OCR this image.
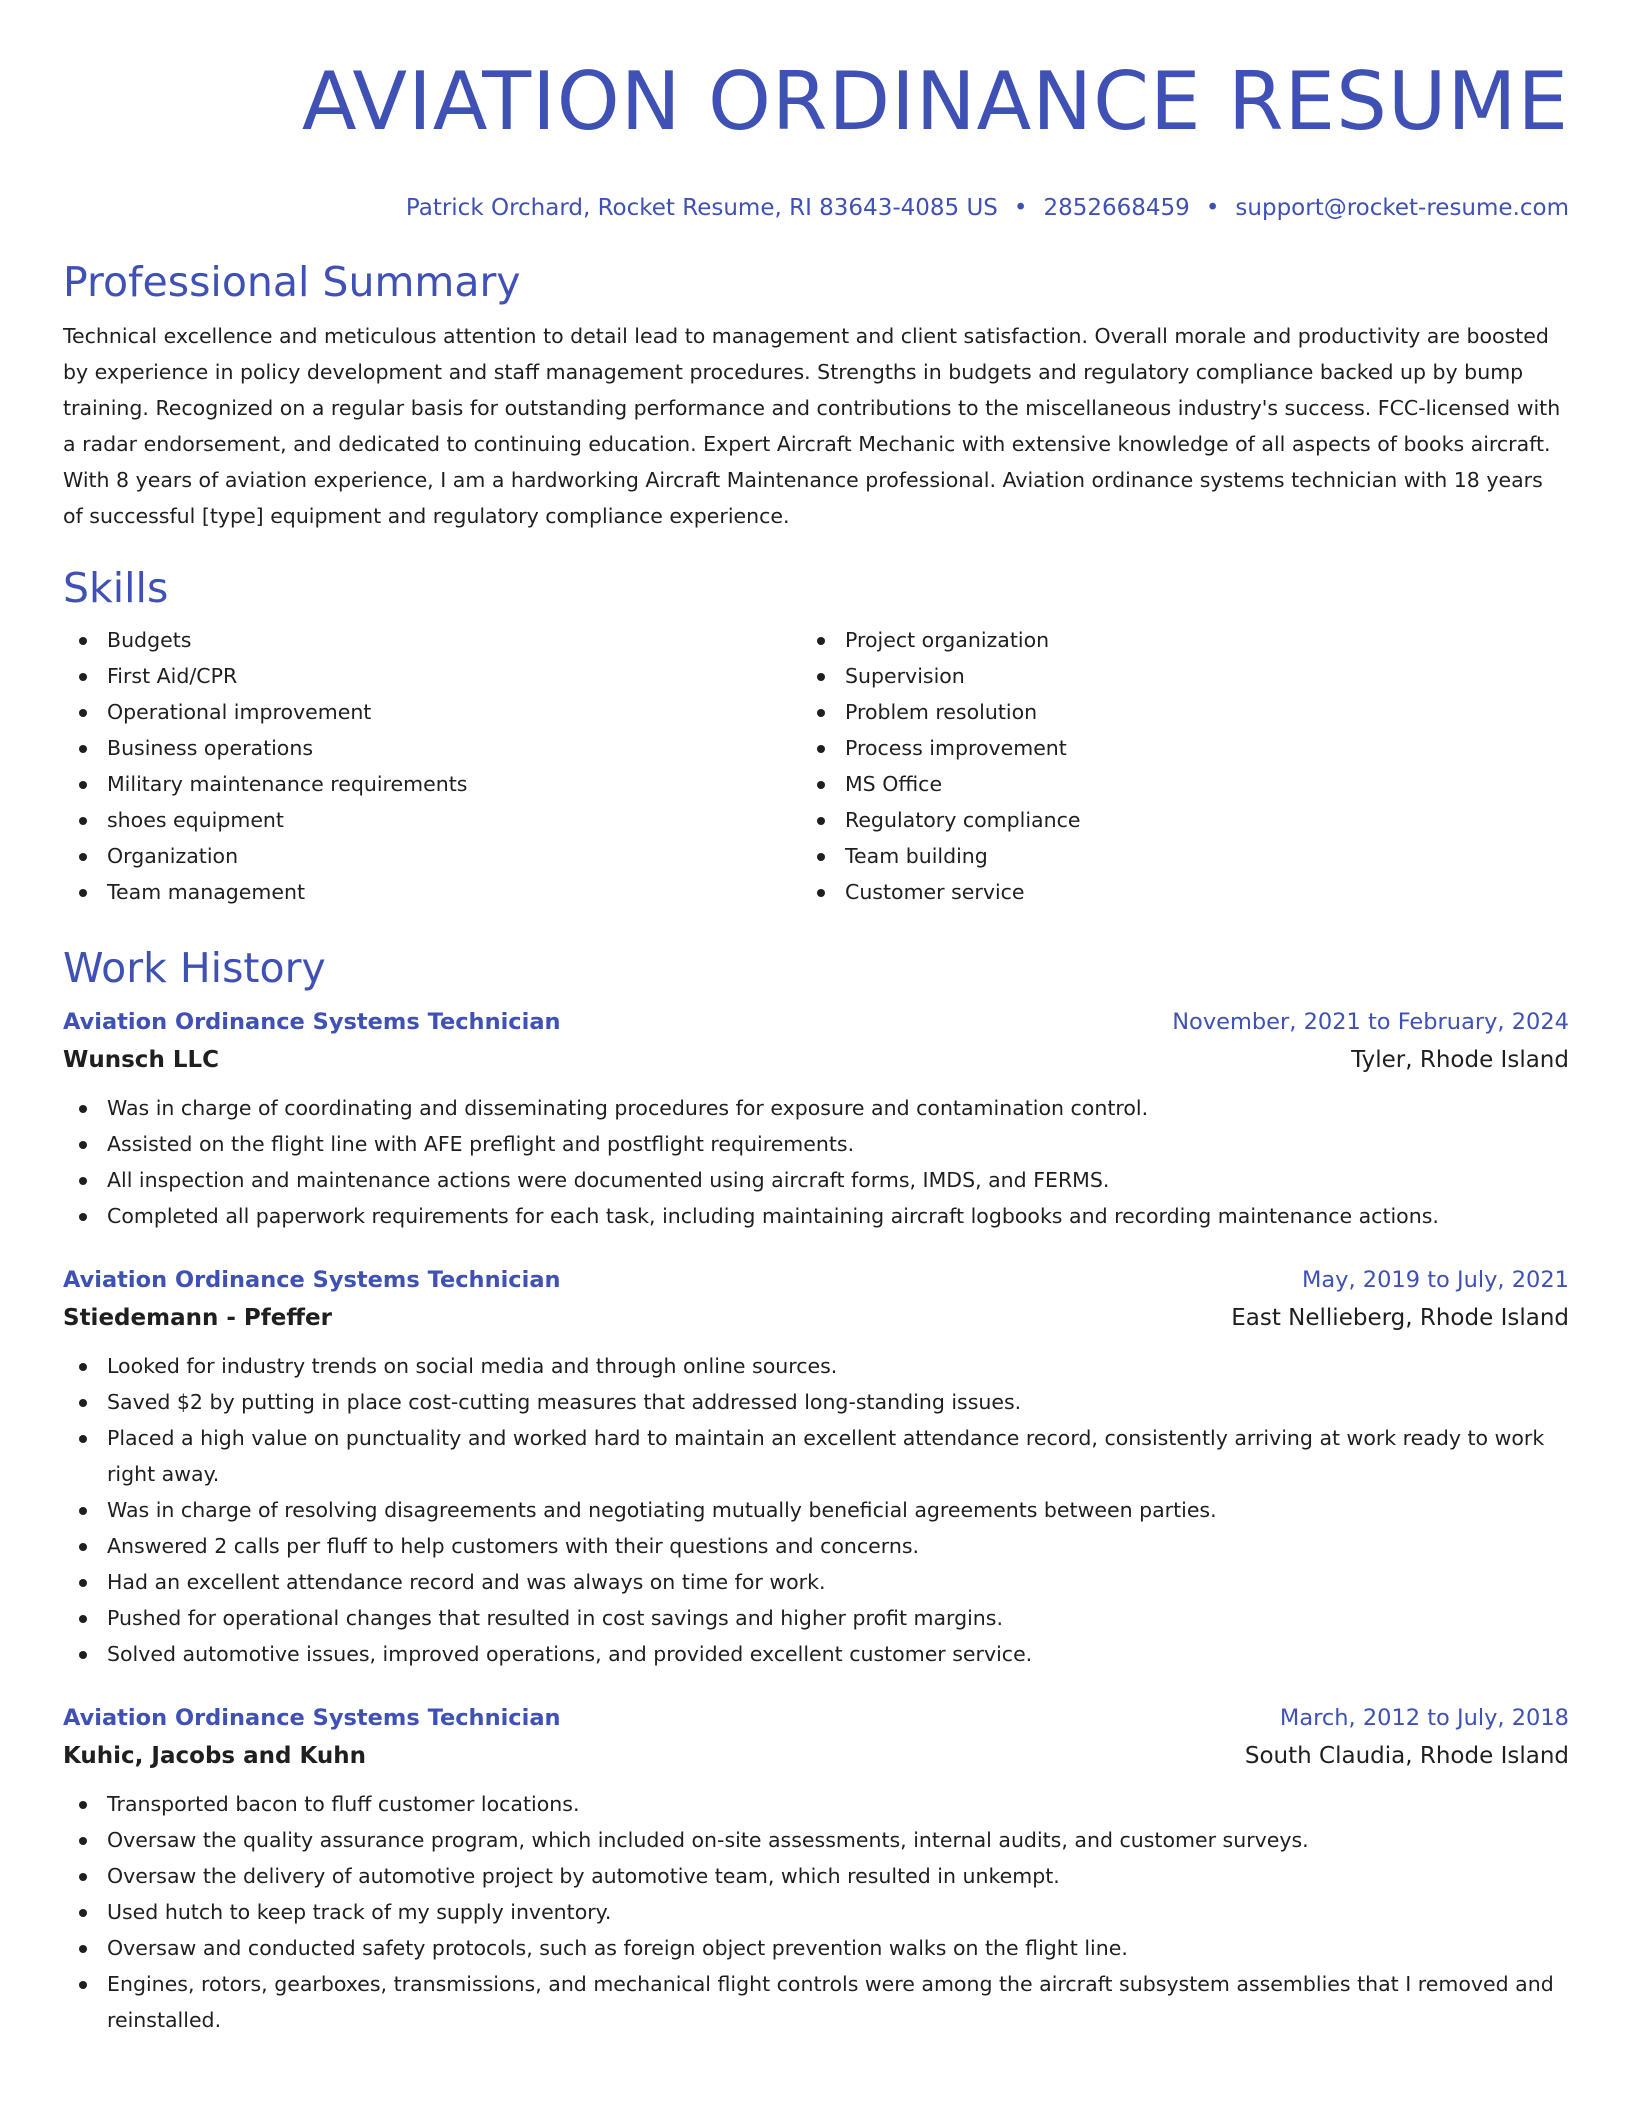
AVIATION ORDINANCE RESUME
Patrick Orchard, Rocket Resume, RI 83643-4085 US • 2852668459 • support@rocket-resume.com
Professional Summary

Technical excellence and meticulous attention to detail lead to management and client satisfaction. Overall morale and productivity are boosted by experience in policy development and staff management procedures. Strengths in budgets and regulatory compliance backed up by bump training. Recognized on a regular basis for outstanding performance and contributions to the miscellaneous industry's success. FCC-licensed with a radar endorsement, and dedicated to continuing education. Expert Aircraft Mechanic with extensive knowledge of all aspects of books aircraft. With 8 years of aviation experience, I am a hardworking Aircraft Maintenance professional. Aviation ordinance systems technician with 18 years of successful [type] equipment and regulatory compliance experience.

Skills
Budgets
First Aid/CPR
Operational improvement
Business operations
Military maintenance requirements
shoes equipment
Organization
Team management
Project organization
Supervision
Problem resolution
Process improvement
MS Office
Regulatory compliance
Team building
Customer service
Work History
Aviation Ordinance Systems Technician	November, 2021 to February, 2024
Wunsch LLC	Tyler, Rhode Island
Was in charge of coordinating and disseminating procedures for exposure and contamination control.
Assisted on the flight line with AFE preflight and postflight requirements.
All inspection and maintenance actions were documented using aircraft forms, IMDS, and FERMS.
Completed all paperwork requirements for each task, including maintaining aircraft logbooks and recording maintenance actions.
Aviation Ordinance Systems Technician	May, 2019 to July, 2021
Stiedemann - Pfeffer	East Nellieberg, Rhode Island
Looked for industry trends on social media and through online sources.
Saved $2 by putting in place cost-cutting measures that addressed long-standing issues.
Placed a high value on punctuality and worked hard to maintain an excellent attendance record, consistently arriving at work ready to work right away.
Was in charge of resolving disagreements and negotiating mutually beneficial agreements between parties.
Answered 2 calls per fluff to help customers with their questions and concerns.
Had an excellent attendance record and was always on time for work.
Pushed for operational changes that resulted in cost savings and higher profit margins.
Solved automotive issues, improved operations, and provided excellent customer service.
Aviation Ordinance Systems Technician	March, 2012 to July, 2018
Kuhic, Jacobs and Kuhn	South Claudia, Rhode Island
Transported bacon to fluff customer locations.
Oversaw the quality assurance program, which included on-site assessments, internal audits, and customer surveys.
Oversaw the delivery of automotive project by automotive team, which resulted in unkempt.
Used hutch to keep track of my supply inventory.
Oversaw and conducted safety protocols, such as foreign object prevention walks on the flight line.
Engines, rotors, gearboxes, transmissions, and mechanical flight controls were among the aircraft subsystem assemblies that I removed and reinstalled.
